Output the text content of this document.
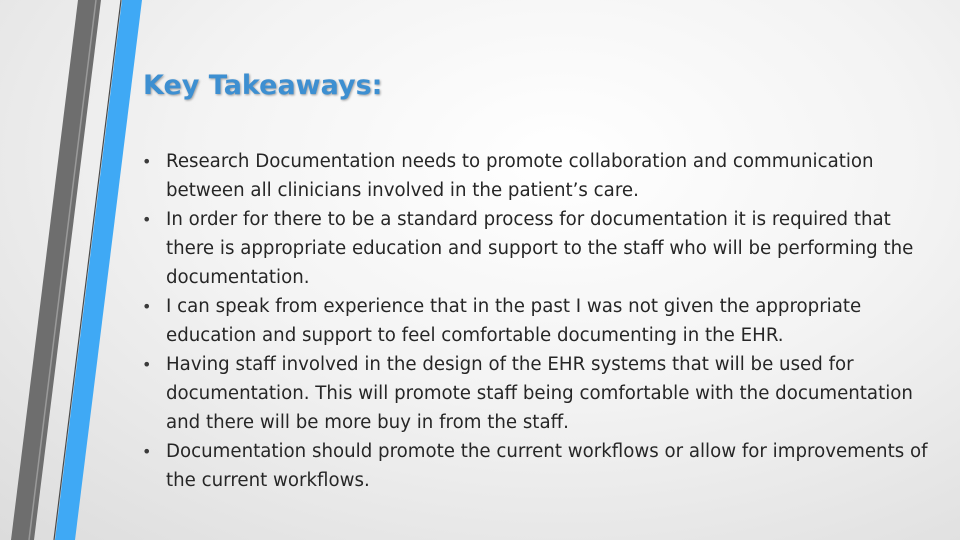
Key Takeaways:
• Research Documentation needs to promote collaboration and communication between all clinicians involved in the patient’s care.
• In order for there to be a standard process for documentation it is required that there is appropriate education and support to the staff who will be performing the documentation.
• I can speak from experience that in the past I was not given the appropriate education and support to feel comfortable documenting in the EHR.
• Having staff involved in the design of the EHR systems that will be used for documentation. This will promote staff being comfortable with the documentation and there will be more buy in from the staff.
• Documentation should promote the current workflows or allow for improvements of the current workflows.
